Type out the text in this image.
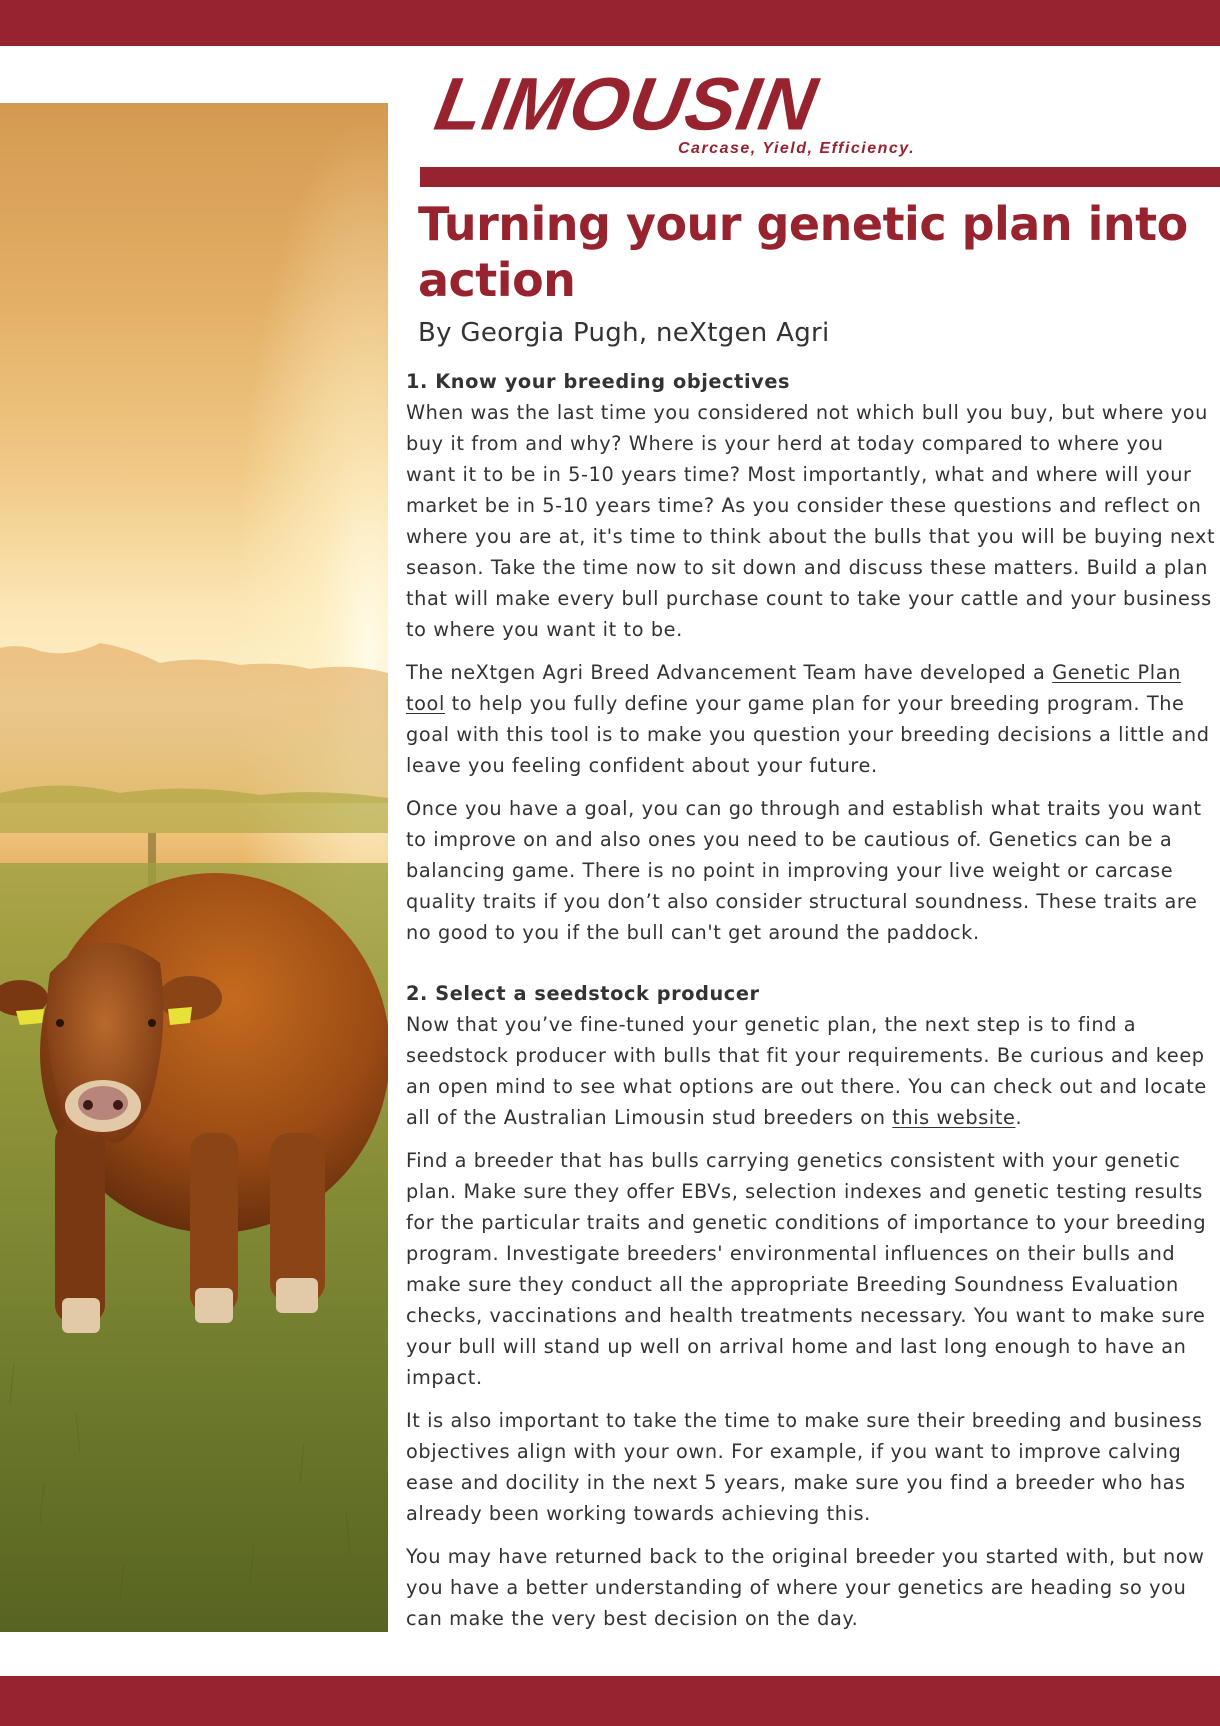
LIMOUSIN
Carcase, Yield, Efficiency.
Turning your genetic plan into action
By Georgia Pugh, neXtgen Agri
1. Know your breeding objectives

When was the last time you considered not which bull you buy, but where you buy it from and why? Where is your herd at today compared to where you want it to be in 5-10 years time? Most importantly, what and where will your market be in 5-10 years time? As you consider these questions and reflect on where you are at, it's time to think about the bulls that you will be buying next season. Take the time now to sit down and discuss these matters. Build a plan that will make every bull purchase count to take your cattle and your business to where you want it to be.

The neXtgen Agri Breed Advancement Team have developed a Genetic Plan tool to help you fully define your game plan for your breeding program. The goal with this tool is to make you question your breeding decisions a little and leave you feeling confident about your future.

Once you have a goal, you can go through and establish what traits you want to improve on and also ones you need to be cautious of. Genetics can be a balancing game. There is no point in improving your live weight or carcase quality traits if you don’t also consider structural soundness. These traits are no good to you if the bull can't get around the paddock.

2. Select a seedstock producer

Now that you’ve fine-tuned your genetic plan, the next step is to find a seedstock producer with bulls that fit your requirements. Be curious and keep an open mind to see what options are out there. You can check out and locate all of the Australian Limousin stud breeders on this website.

Find a breeder that has bulls carrying genetics consistent with your genetic plan. Make sure they offer EBVs, selection indexes and genetic testing results for the particular traits and genetic conditions of importance to your breeding program. Investigate breeders' environmental influences on their bulls and make sure they conduct all the appropriate Breeding Soundness Evaluation checks, vaccinations and health treatments necessary. You want to make sure your bull will stand up well on arrival home and last long enough to have an impact.

It is also important to take the time to make sure their breeding and business objectives align with your own. For example, if you want to improve calving ease and docility in the next 5 years, make sure you find a breeder who has already been working towards achieving this.

You may have returned back to the original breeder you started with, but now you have a better understanding of where your genetics are heading so you can make the very best decision on the day.
